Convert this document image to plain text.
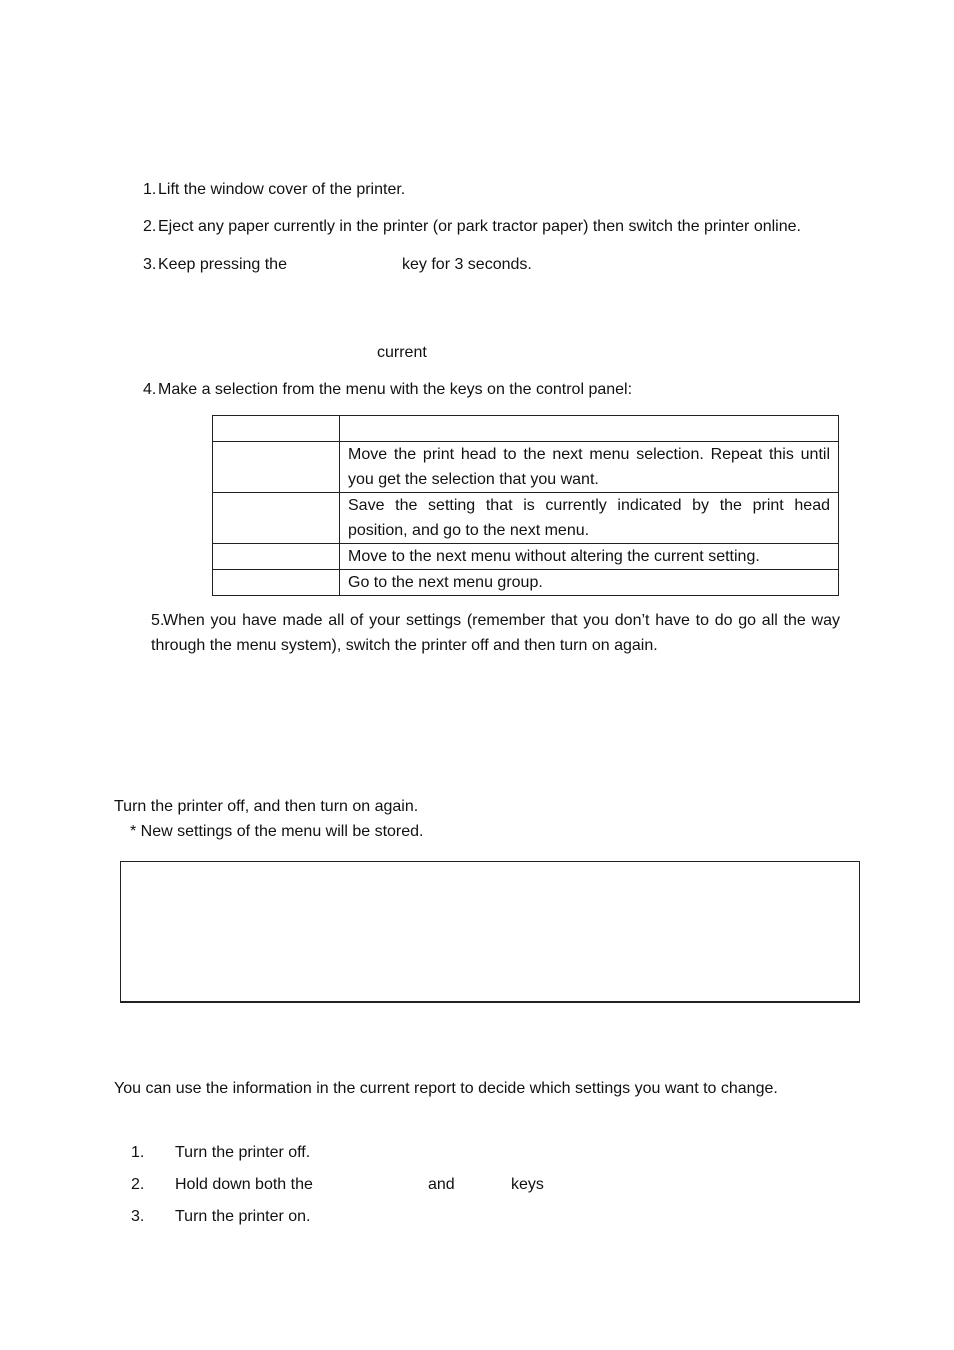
1. Lift the window cover of the printer.
2. Eject any paper currently in the printer (or park tractor paper) then switch the printer online.
3. Keep pressing the	key for 3 seconds.
current
4. Make a selection from the menu with the keys on the control panel:

	Move the print head to the next menu selection. Repeat this until you get the selection that you want.
	Save the setting that is currently indicated by the print head position, and go to the next menu.
	Move to the next menu without altering the current setting.
	Go to the next menu group.
5.When you have made all of your settings (remember that you don’t have to do go all the way through the menu system), switch the printer off and then turn on again.
Turn the printer off, and then turn on again.
* New settings of the menu will be stored.
You can use the information in the current report to decide which settings you want to change.
1. Turn the printer off.
2. Hold down both the	and	keys
3. Turn the printer on.
